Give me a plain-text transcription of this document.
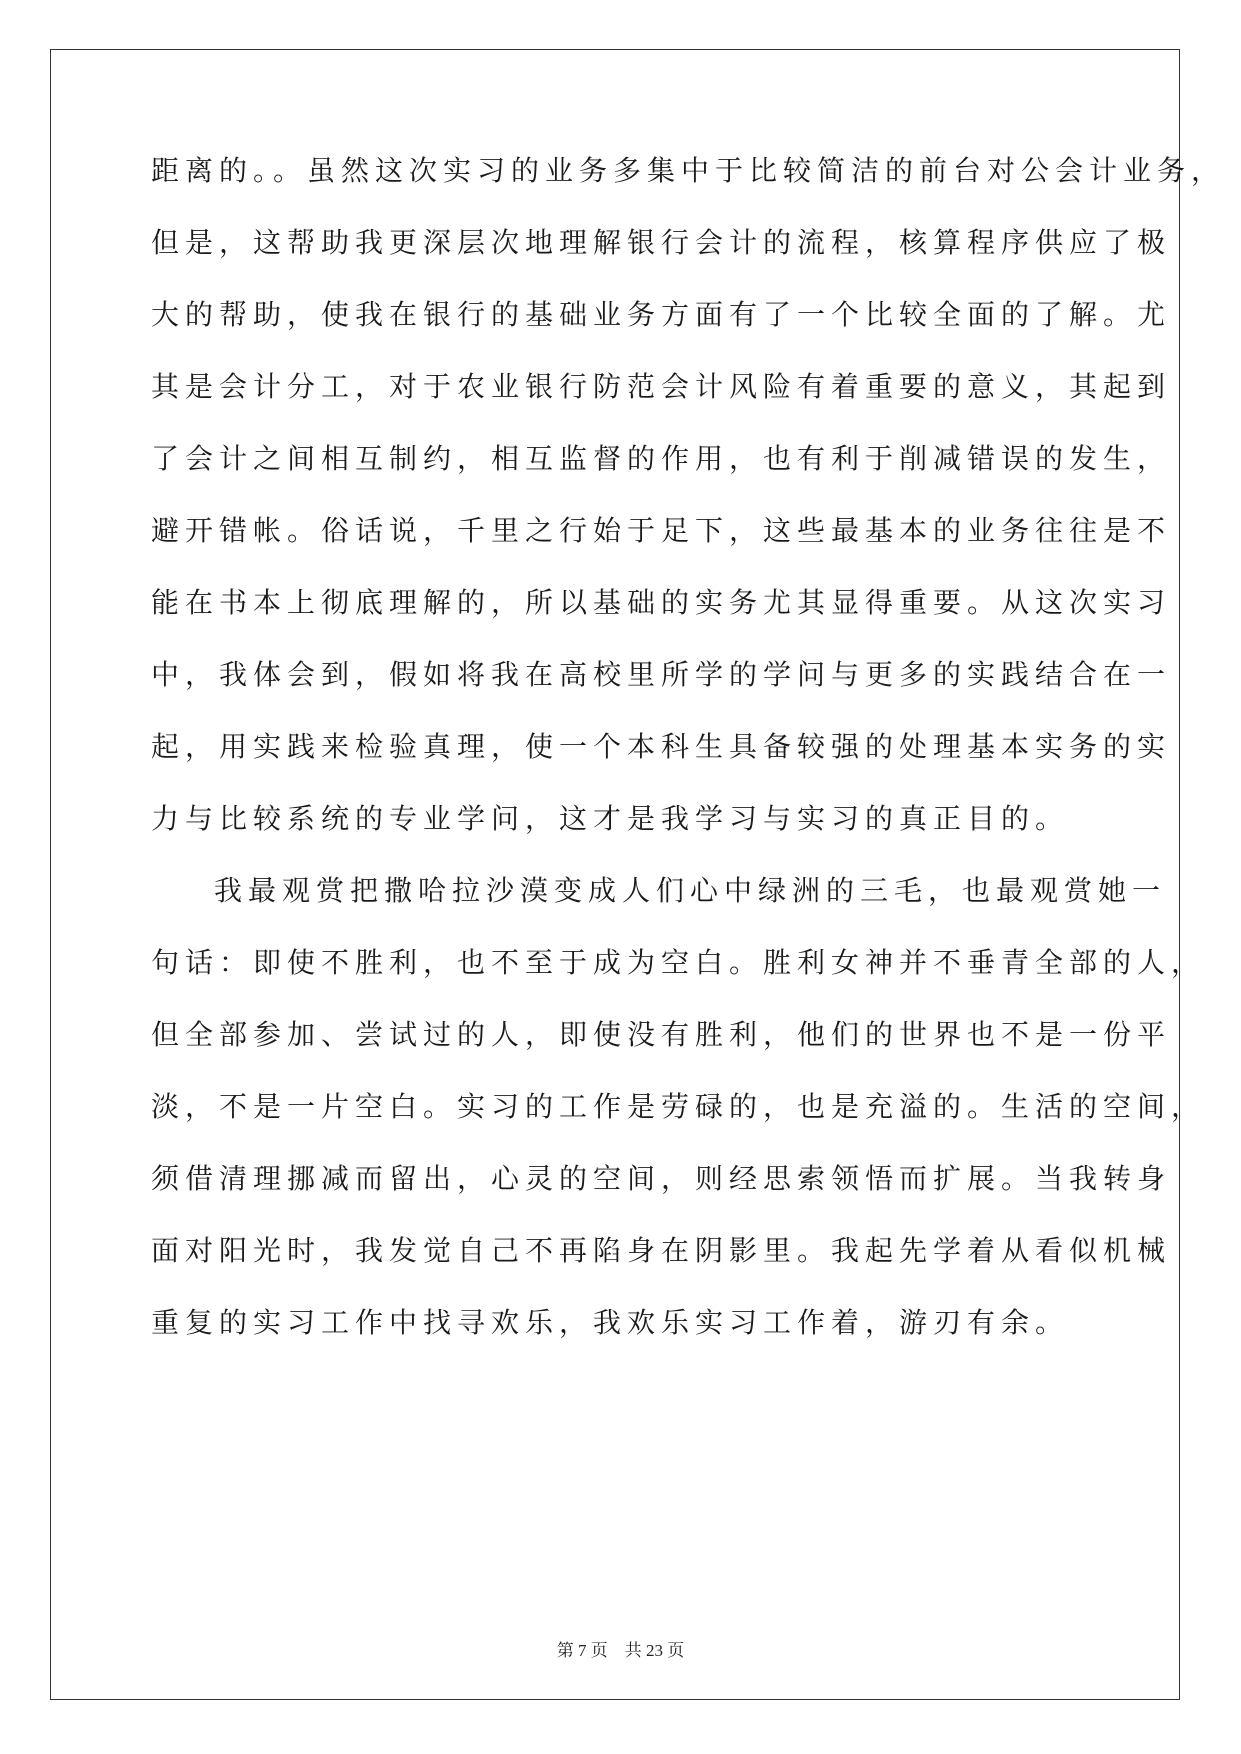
距离的。。虽然这次实习的业务多集中于比较简洁的前台对公会计业务，
但是，这帮助我更深层次地理解银行会计的流程，核算程序供应了极
大的帮助，使我在银行的基础业务方面有了一个比较全面的了解。尤
其是会计分工，对于农业银行防范会计风险有着重要的意义，其起到
了会计之间相互制约，相互监督的作用，也有利于削减错误的发生，
避开错帐。俗话说，千里之行始于足下，这些最基本的业务往往是不
能在书本上彻底理解的，所以基础的实务尤其显得重要。从这次实习
中，我体会到，假如将我在高校里所学的学问与更多的实践结合在一
起，用实践来检验真理，使一个本科生具备较强的处理基本实务的实
力与比较系统的专业学问，这才是我学习与实习的真正目的。
我最观赏把撒哈拉沙漠变成人们心中绿洲的三毛，也最观赏她一
句话：即使不胜利，也不至于成为空白。胜利女神并不垂青全部的人，
但全部参加、尝试过的人，即使没有胜利，他们的世界也不是一份平
淡，不是一片空白。实习的工作是劳碌的，也是充溢的。生活的空间，
须借清理挪减而留出，心灵的空间，则经思索领悟而扩展。当我转身
面对阳光时，我发觉自己不再陷身在阴影里。我起先学着从看似机械
重复的实习工作中找寻欢乐，我欢乐实习工作着，游刃有余。
第 7 页    共 23 页
